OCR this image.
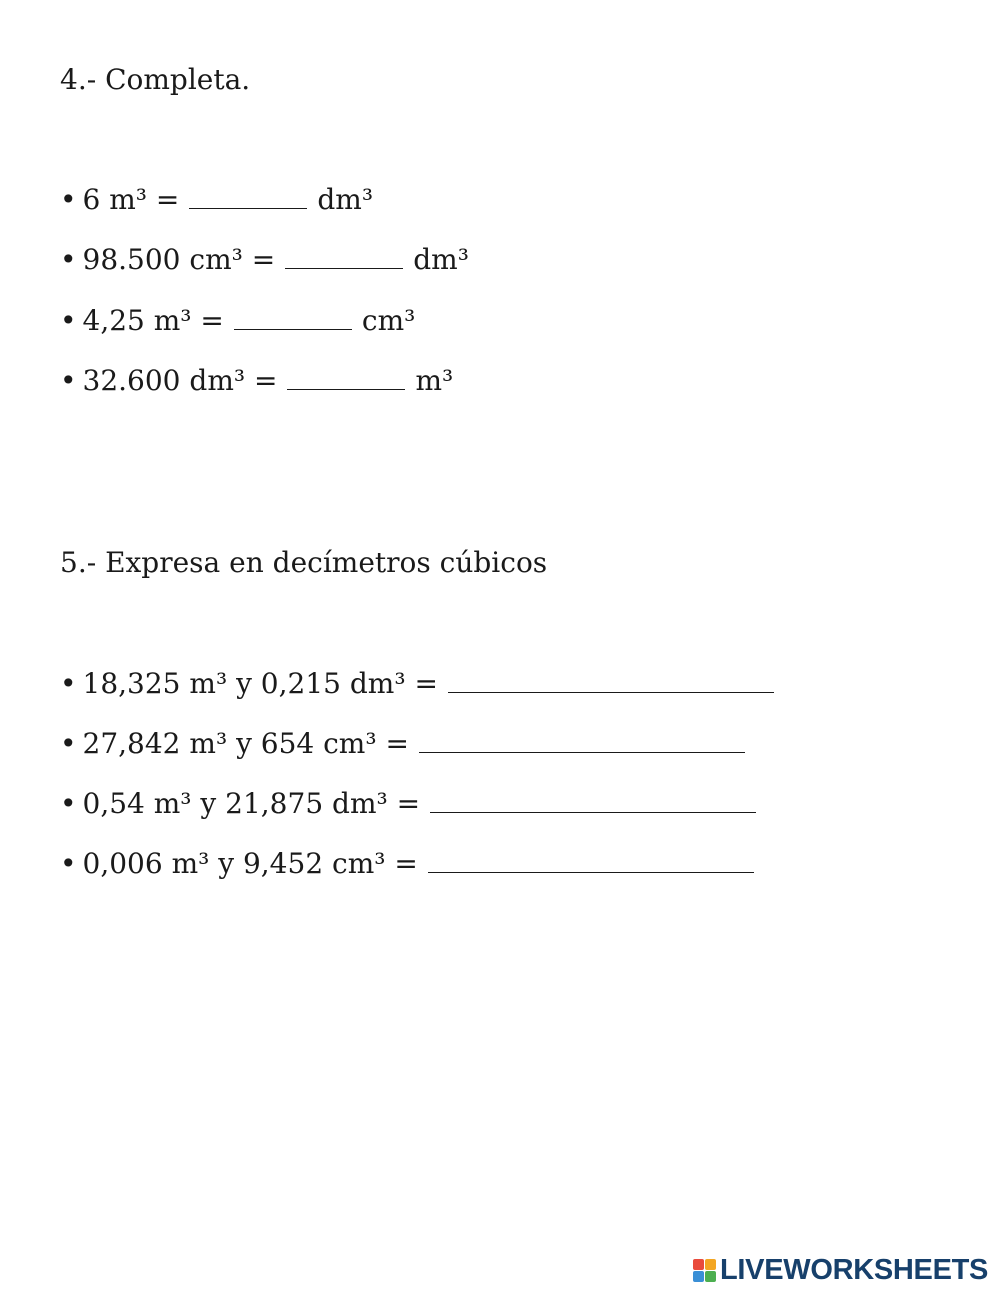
4.- Completa.
• 6 m³ =	dm³
• 98.500 cm³ =	dm³
• 4,25 m³ =	cm³
• 32.600 dm³ =	m³
5.- Expresa en decímetros cúbicos
• 18,325 m³ y 0,215 dm³ =
• 27,842 m³ y 654 cm³ =
• 0,54 m³ y 21,875 dm³ =
• 0,006 m³ y 9,452 cm³ =
LIVEWORKSHEETS
